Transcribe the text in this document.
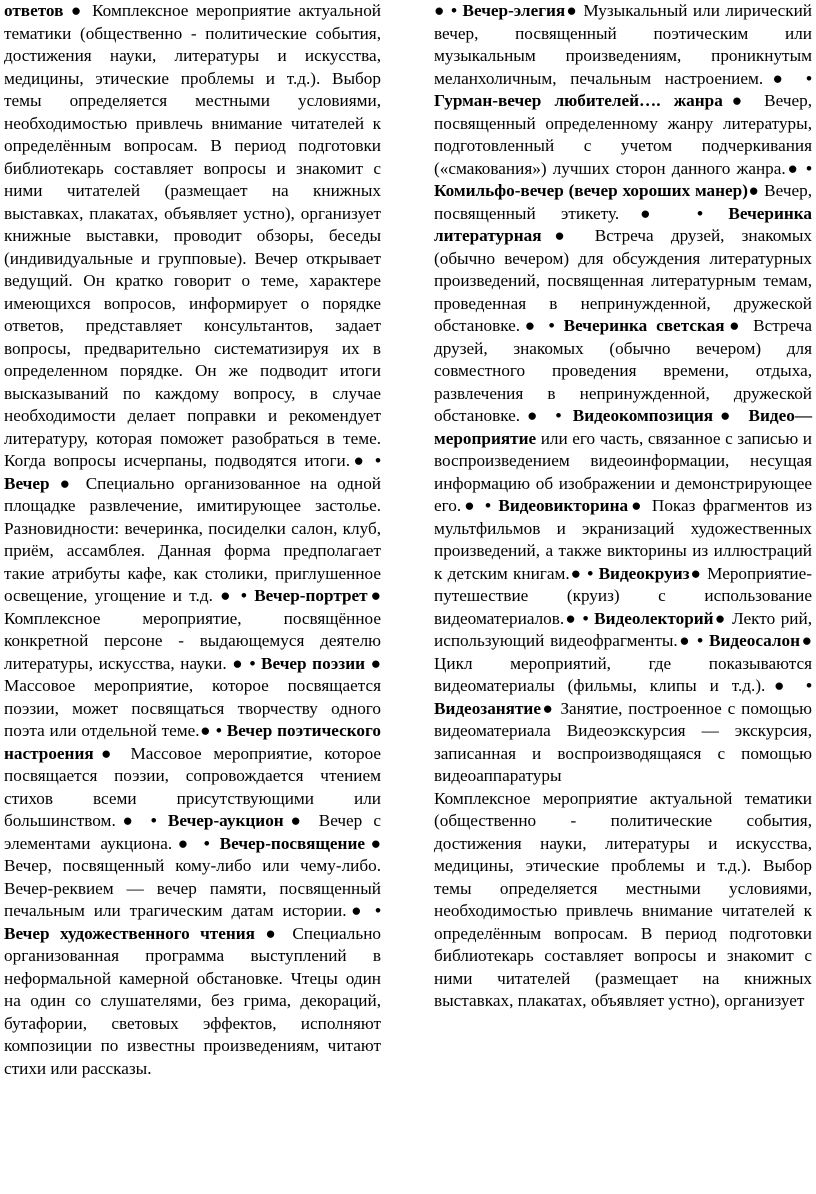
ответов ● Комплексное мероприятие актуальной тематики (общественно - политические события, достижения науки, литературы и искусства, медицины, этические проблемы и т.д.). Выбор темы определяется местными условиями, необходимостью привлечь внимание читателей к определённым вопросам. В период подготовки библиотекарь составляет вопросы и знакомит с ними читателей (размещает на книжных выставках, плакатах, объявляет устно), организует книжные выставки, проводит обзоры, беседы (индивидуальные и групповые). Вечер открывает ведущий. Он кратко говорит о теме, характере имеющихся вопросов, информирует о порядке ответов, представляет консультантов, задает вопросы, предварительно систематизируя их в определенном порядке. Он же подводит итоги высказываний по каждому вопросу, в случае необходимости делает поправки и рекомендует литературу, которая поможет разобраться в теме. Когда вопросы исчерпаны, подводятся итоги.● • Вечер ● Специально организованное на одной площадке развлечение, имитирующее застолье. Разновидности: вечеринка, посиделки салон, клуб, приём, ассамблея. Данная форма предполагает такие атрибуты кафе, как столики, приглушенное освещение, угощение и т.д. ● • Вечер-портрет● Комплексное мероприятие, посвящённое конкретной персоне - выдающемуся деятелю литературы, искусства, науки. ● • Вечер поэзии ● Массовое мероприятие, которое посвящается поэзии, может посвящаться творчеству одного поэта или отдельной теме.● • Вечер поэтического настроения● Массовое мероприятие, которое посвящается поэзии, сопровождается чтением стихов всеми присутствующими или большинством.● • Вечер-аукцион● Вечер с элементами аукциона.● • Вечер-посвящение● Вечер, посвященный кому-либо или чему-либо. Вечер-реквием — вечер памяти, посвященный печальным или трагическим датам истории.● • Вечер художественного чтения ● Специально организованная программа выступлений в неформальной камерной обстановке. Чтецы один на один со слушателями, без грима, декораций, бутафории, световых эффектов, исполняют композиции по известны произведениям, читают стихи или рассказы.

● • Вечер-элегия● Музыкальный или лирический вечер, посвященный поэтическим или музыкальным произведениям, проникнутым меланхоличным, печальным настроением.● • Гурман-вечер любителей…. жанра● Вечер, посвященный определенному жанру литературы, подготовленный с учетом подчеркивания («смакования») лучших сторон данного жанра.● • Комильфо-вечер (вечер хороших манер)● Вечер, посвященный этикету.● • Вечеринка литературная● Встреча друзей, знакомых (обычно вечером) для обсуждения литературных произведений, посвященная литературным темам, проведенная в непринужденной, дружеской обстановке.● • Вечеринка светская● Встреча друзей, знакомых (обычно вечером) для совместного проведения времени, отдыха, развлечения в непринужденной, дружеской обстановке.● • Видеокомпозиция● Видео— мероприятие или его часть, связанное с записью и воспроизведением видеоинформации, несущая информацию об изображении и демонстрирующее его.● • Видеовикторина● Показ фрагментов из мультфильмов и экранизаций художественных произведений, а также викторины из иллюстраций к детским книгам.● • Видеокруиз● Мероприятие-путешествие (круиз) с использование видеоматериалов.● • Видеолекторий● Лекто рий, использующий видеофрагменты.● • Видеосалон● Цикл мероприятий, где показываются видеоматериалы (фильмы, клипы и т.д.).● • Видеозанятие● Занятие, построенное с помощью видеоматериала Видеоэкскурсия — экскурсия, записанная и воспроизводящаяся с помощью видеоаппаратуры

Комплексное мероприятие актуальной тематики (общественно - политические события, достижения науки, литературы и искусства, медицины, этические проблемы и т.д.). Выбор темы определяется местными условиями, необходимостью привлечь внимание читателей к определённым вопросам. В период подготовки библиотекарь составляет вопросы и знакомит с ними читателей (размещает на книжных выставках, плакатах, объявляет устно), организует
